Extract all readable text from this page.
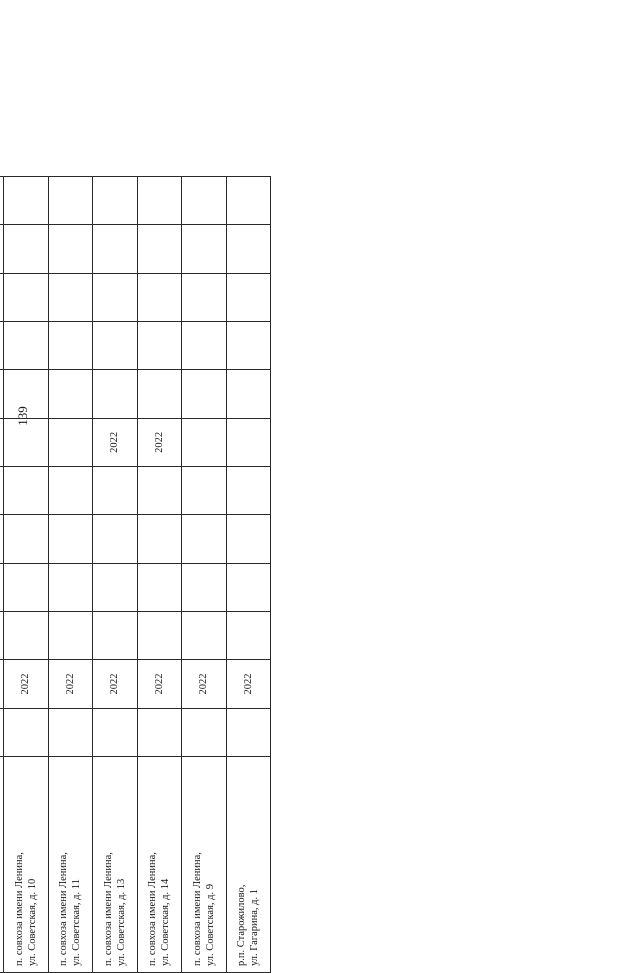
139

п. совхоза имени Ленина, ул. Советская, д. 10		2022										

п. совхоза имени Ленина, ул. Советская, д. 11		2022										

п. совхоза имени Ленина, ул. Советская, д. 13		2022					2022					

п. совхоза имени Ленина, ул. Советская, д. 14		2022					2022					

п. совхоза имени Ленина, ул. Советская, д. 9		2022										

р.п. Старожилово, ул. Гагарина, д. 1		2022										
